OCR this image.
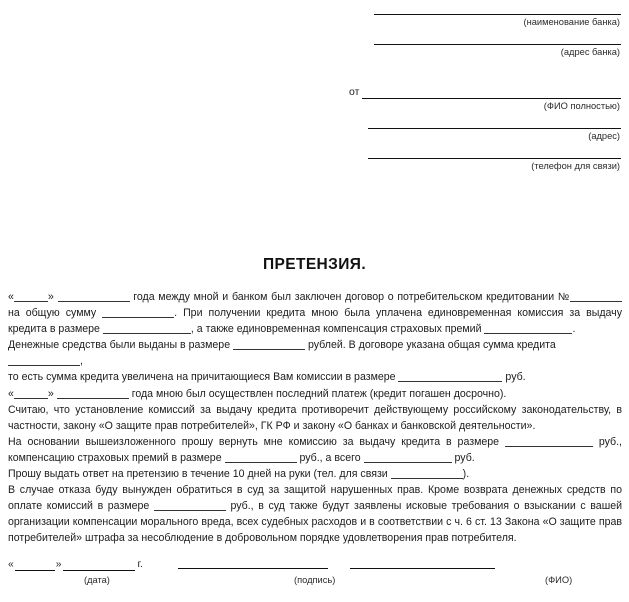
(наименование банка)
(адрес банка)
от
(ФИО полностью)
(адрес)
(телефон для связи)
ПРЕТЕНЗИЯ.
«	»	года между мной и банком был заключен договор о потребительском кредитовании № на общую сумму	. При получении кредита мною была уплачена единовременная комиссия за выдачу кредита в размере	, а также единовременная компенсация страховых премий	.
Денежные средства были выданы в размере	рублей. В договоре указана общая сумма кредита ,
то есть сумма кредита увеличена на причитающиеся Вам комиссии в размере	руб.
«	»	года мною был осуществлен последний платеж (кредит погашен досрочно).
Считаю, что установление комиссий за выдачу кредита противоречит действующему российскому законодательству, в частности, закону «О защите прав потребителей», ГК РФ и закону «О банках и банковской деятельности».
На основании вышеизложенного прошу вернуть мне комиссию за выдачу кредита в размере	руб., компенсацию страховых премий в размере	руб., а всего	руб.
Прошу выдать ответ на претензию в течение 10 дней на руки (тел. для связи	).
В случае отказа буду вынужден обратиться в суд за защитой нарушенных прав. Кроме возврата денежных средств по оплате комиссий в размере	руб., в суд также будут заявлены исковые требования о взыскании с вашей организации компенсации морального вреда, всех судебных расходов и в соответствии с ч. 6 ст. 13 Закона «О защите прав потребителей» штрафа за несоблюдение в добровольном порядке удовлетворения прав потребителя.
«	»	г.
(дата)	(подпись)	(ФИО)
